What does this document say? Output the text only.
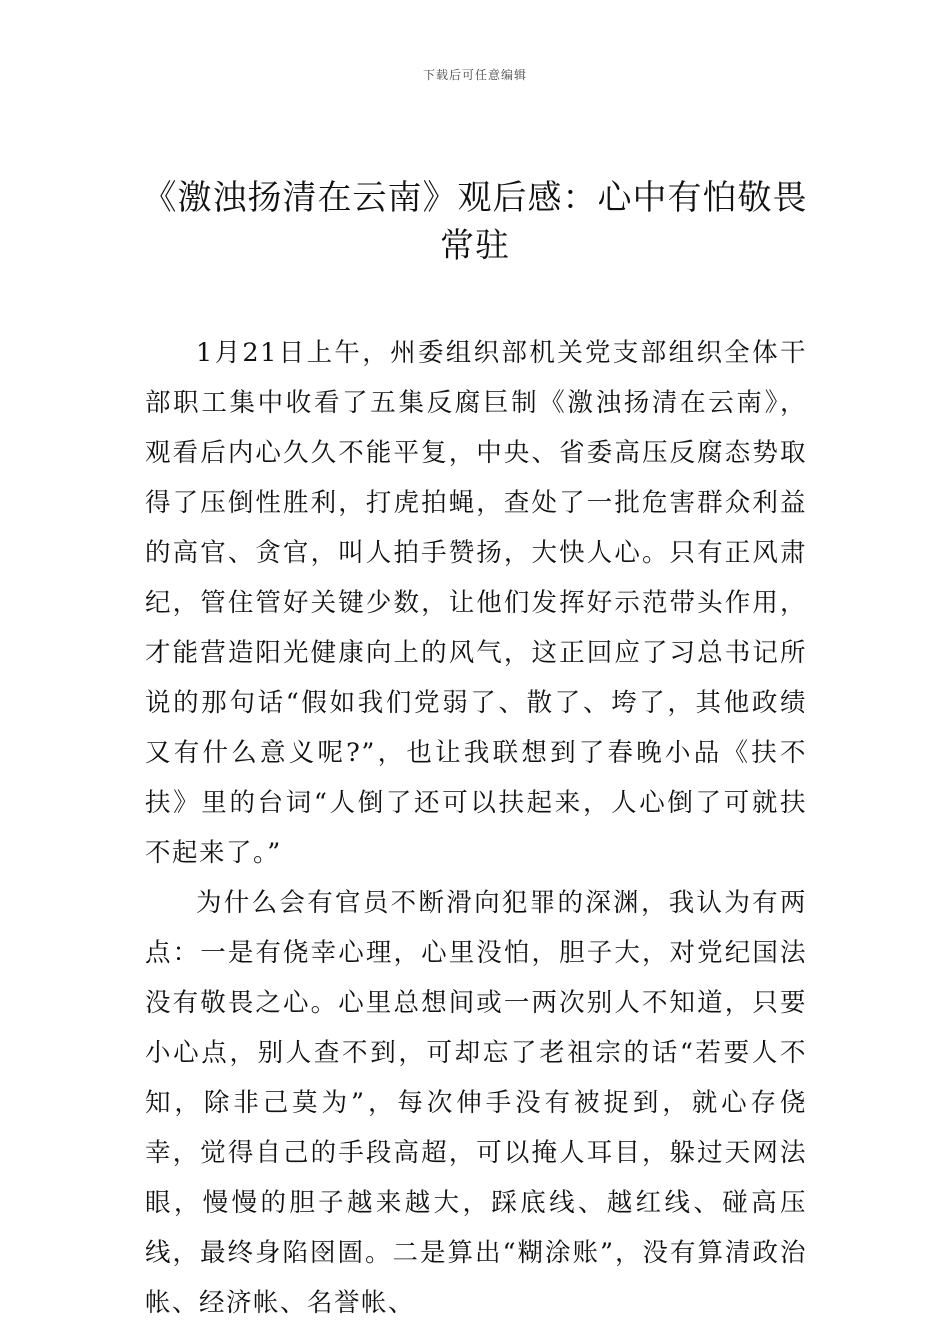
下载后可任意编辑
《激浊扬清在云南》观后感：心中有怕敬畏常驻

1月21日上午，州委组织部机关党支部组织全体干部职工集中收看了五集反腐巨制《激浊扬清在云南》，观看后内心久久不能平复，中央、省委高压反腐态势取得了压倒性胜利，打虎拍蝇，查处了一批危害群众利益的高官、贪官，叫人拍手赞扬，大快人心。只有正风肃纪，管住管好关键少数，让他们发挥好示范带头作用，才能营造阳光健康向上的风气，这正回应了习总书记所说的那句话“假如我们党弱了、散了、垮了，其他政绩又有什么意义呢?”，也让我联想到了春晚小品《扶不扶》里的台词“人倒了还可以扶起来，人心倒了可就扶不起来了。”

为什么会有官员不断滑向犯罪的深渊，我认为有两点：一是有侥幸心理，心里没怕，胆子大，对党纪国法没有敬畏之心。心里总想间或一两次别人不知道，只要小心点，别人查不到，可却忘了老祖宗的话“若要人不知，除非己莫为”，每次伸手没有被捉到，就心存侥幸，觉得自己的手段高超，可以掩人耳目，躲过天网法眼，慢慢的胆子越来越大，踩底线、越红线、碰高压线，最终身陷囹圄。二是算出“糊涂账”，没有算清政治帐、经济帐、名誉帐、
